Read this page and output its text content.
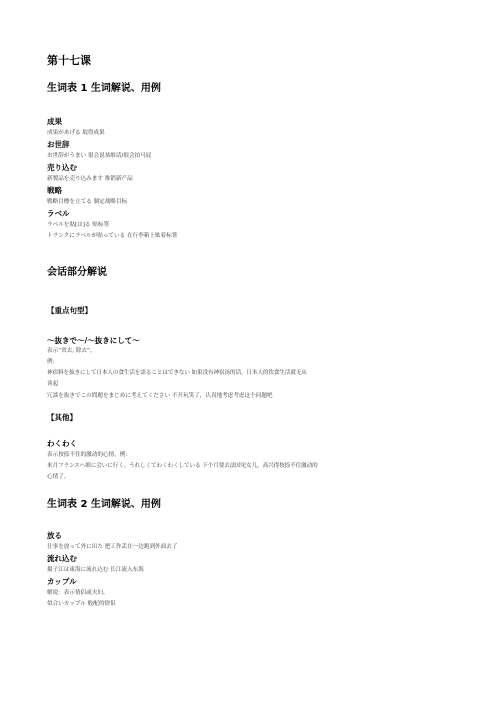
第十七课
生词表 1 生词解说、用例
成果
成果があげる 取得成果
お世辞
お世辞がうまい 很会说恭维话/很会拍马屁
売り込む
新製品を売り込みます 推销新产品
戦略
戦略目標を立てる 制定战略目标
ラベル
ラベルを貼[は]る 贴标签
トランクにラベルが貼っている 在行李箱上贴着标签
会话部分解说
【重点句型】
～抜きで～/～抜きにして～
表示“省去, 除去”。
例：
神宿料を抜きにして日本人の食生活を語ることはできない 如果没有神宿汤的话，日本人的饮食生活就无从
谈起
冗談を抜きでこの問題をまじめに考えてください 不开玩笑了，认真地考虑考虑这个问题吧
【其他】
わくわく
表示按捺不住的激动的心情。例：
来月フランスへ娘に会いに行く。うれしくてわくわくしている 下个月要去法国见女儿，高兴得按捺不住激动的
心情了。
生词表 2 生词解说、用例
放る
仕事を放って外に出た 把工作丢在一边跑到外面去了
流れ込む
揚子江は東海に流れ込む 长江流入东海
カップル
解说：表示情侣或夫妇。
似合いカップル 般配的情侣
